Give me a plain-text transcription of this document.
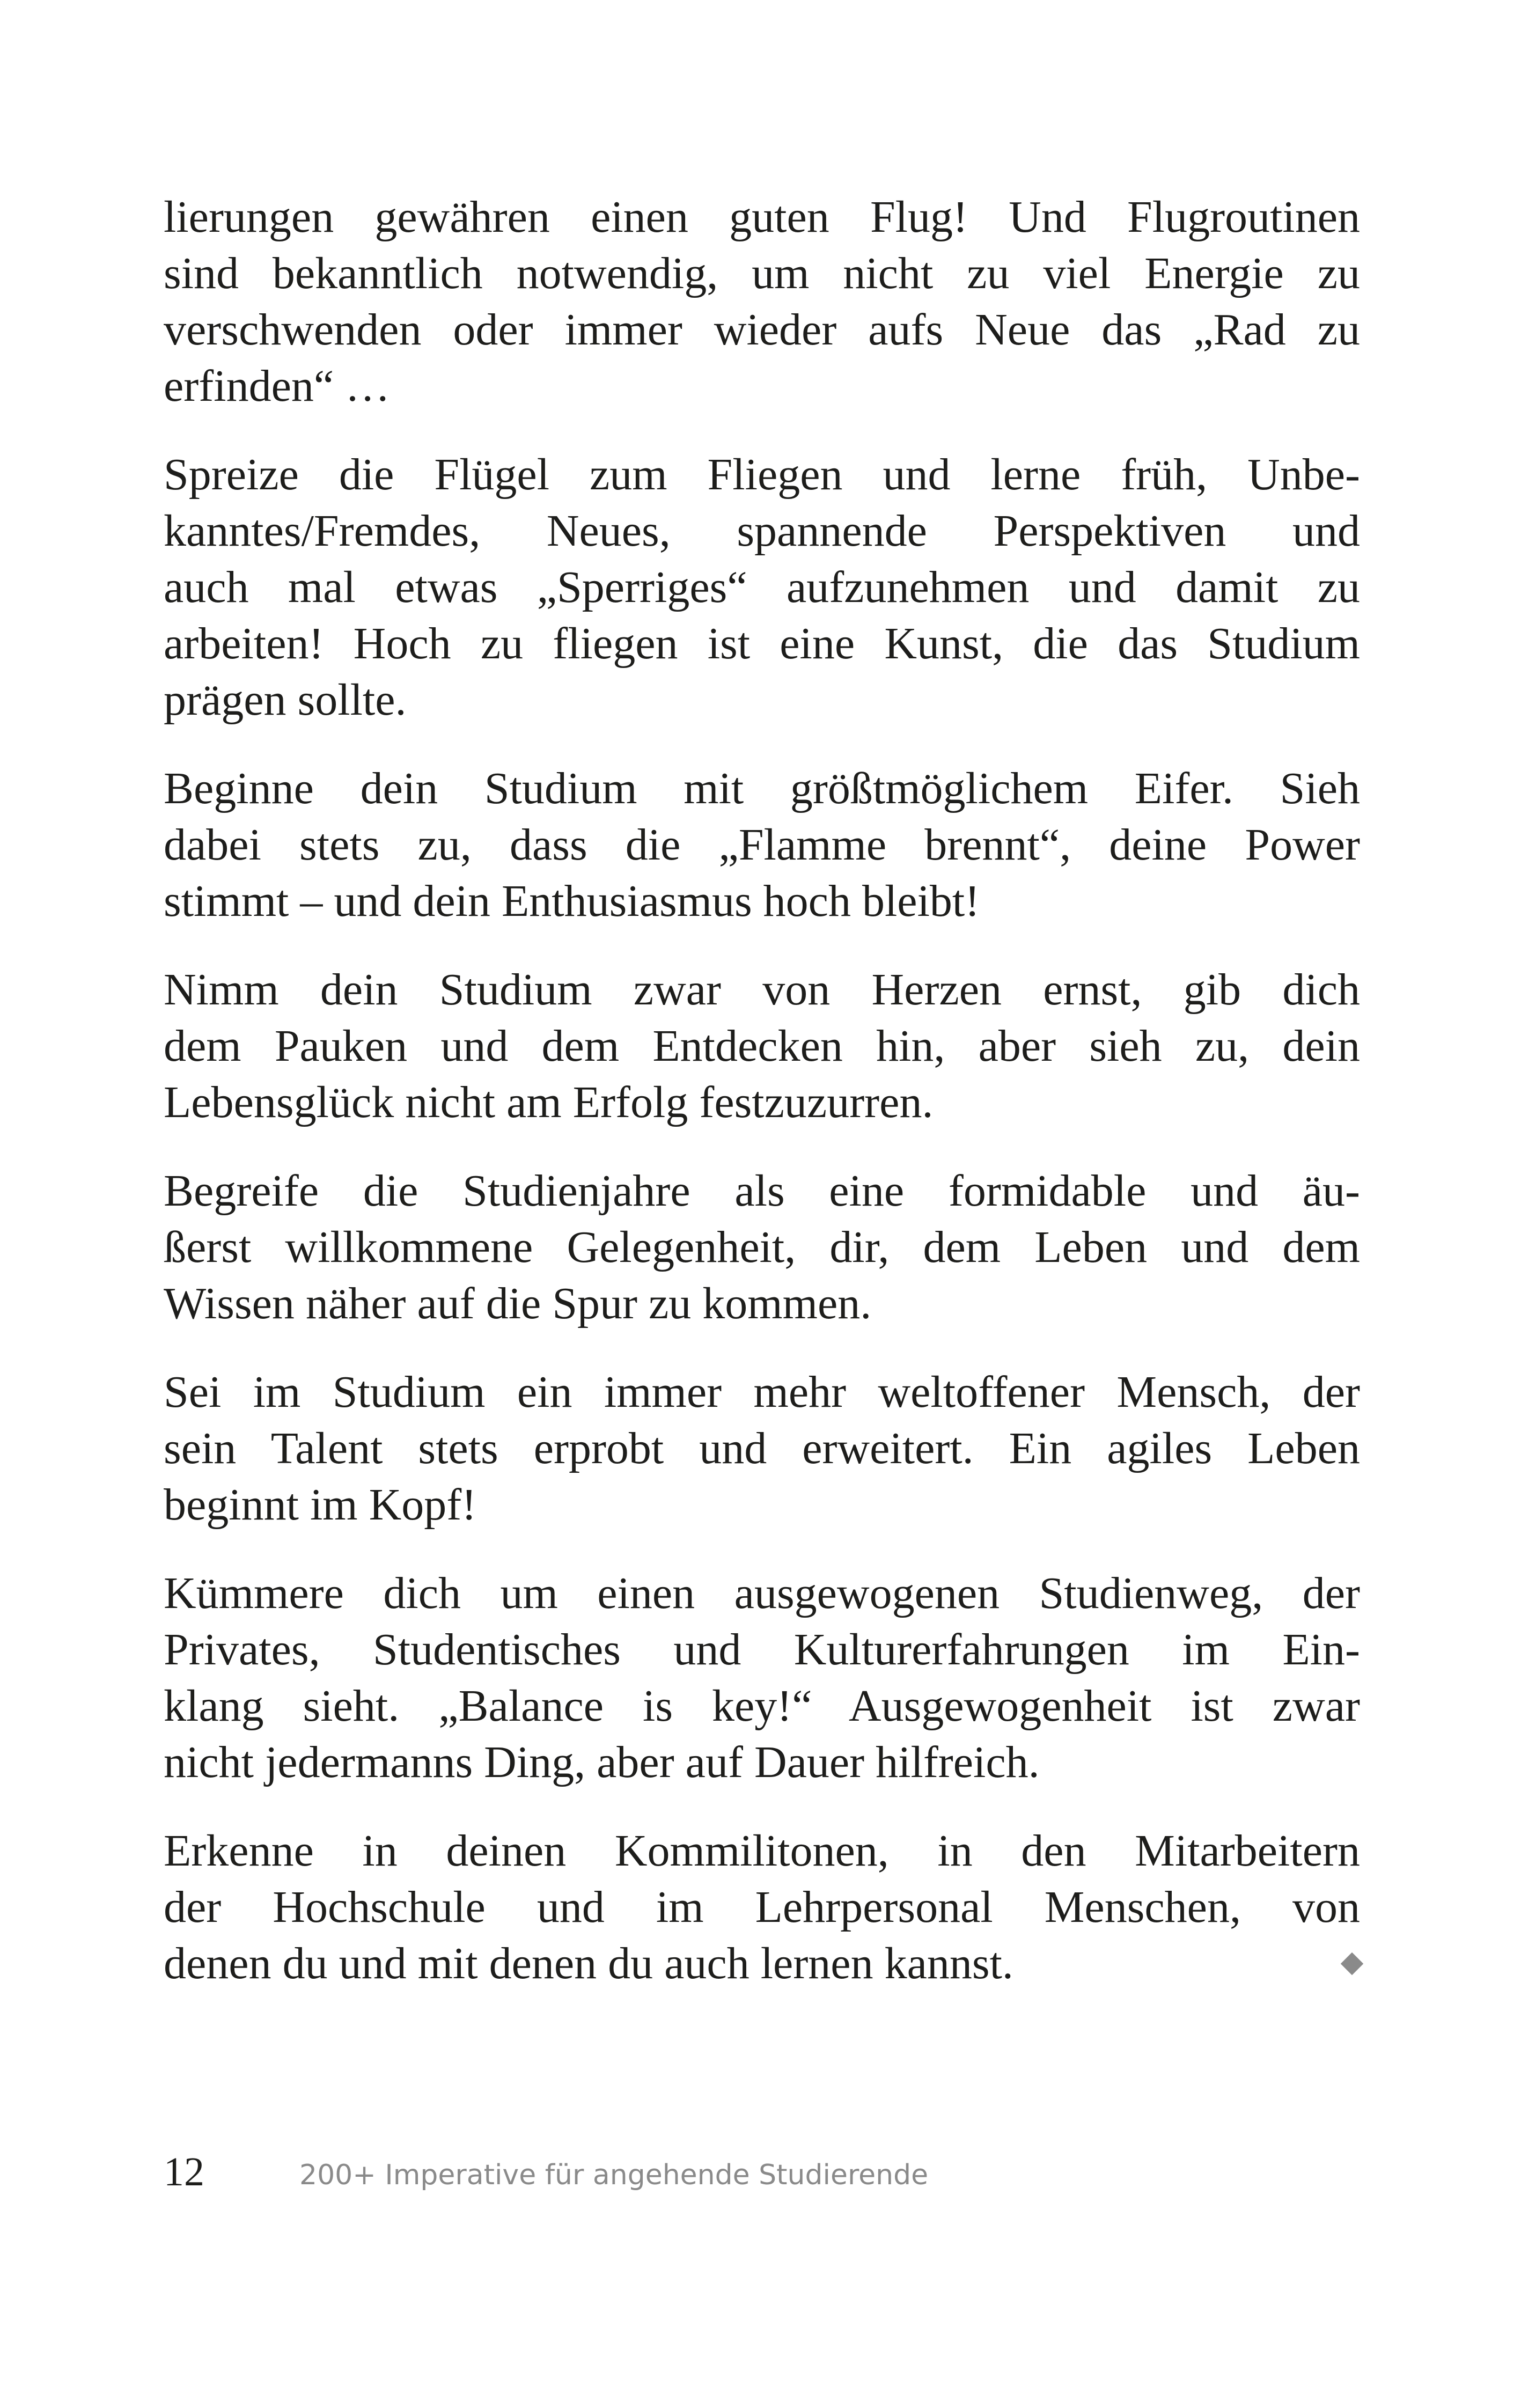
lierungen gewähren einen guten Flug! Und Flugroutinen
sind bekanntlich notwendig, um nicht zu viel Energie zu
verschwenden oder immer wieder aufs Neue das „Rad zu
erfinden“ …
Spreize die Flügel zum Fliegen und lerne früh, Unbe-
kanntes/Fremdes, Neues, spannende Perspektiven und
auch mal etwas „Sperriges“ aufzunehmen und damit zu
arbeiten! Hoch zu fliegen ist eine Kunst, die das Studium
prägen sollte.
Beginne dein Studium mit größtmöglichem Eifer. Sieh
dabei stets zu, dass die „Flamme brennt“, deine Power
stimmt – und dein Enthusiasmus hoch bleibt!
Nimm dein Studium zwar von Herzen ernst, gib dich
dem Pauken und dem Entdecken hin, aber sieh zu, dein
Lebensglück nicht am Erfolg festzuzurren.
Begreife die Studienjahre als eine formidable und äu-
ßerst willkommene Gelegenheit, dir, dem Leben und dem
Wissen näher auf die Spur zu kommen.
Sei im Studium ein immer mehr weltoffener Mensch, der
sein Talent stets erprobt und erweitert. Ein agiles Leben
beginnt im Kopf!
Kümmere dich um einen ausgewogenen Studienweg, der
Privates, Studentisches und Kulturerfahrungen im Ein-
klang sieht. „Balance is key!“ Ausgewogenheit ist zwar
nicht jedermanns Ding, aber auf Dauer hilfreich.
Erkenne in deinen Kommilitonen, in den Mitarbeitern
der Hochschule und im Lehrpersonal Menschen, von
denen du und mit denen du auch lernen kannst.
12	200+ Imperative für angehende Studierende
